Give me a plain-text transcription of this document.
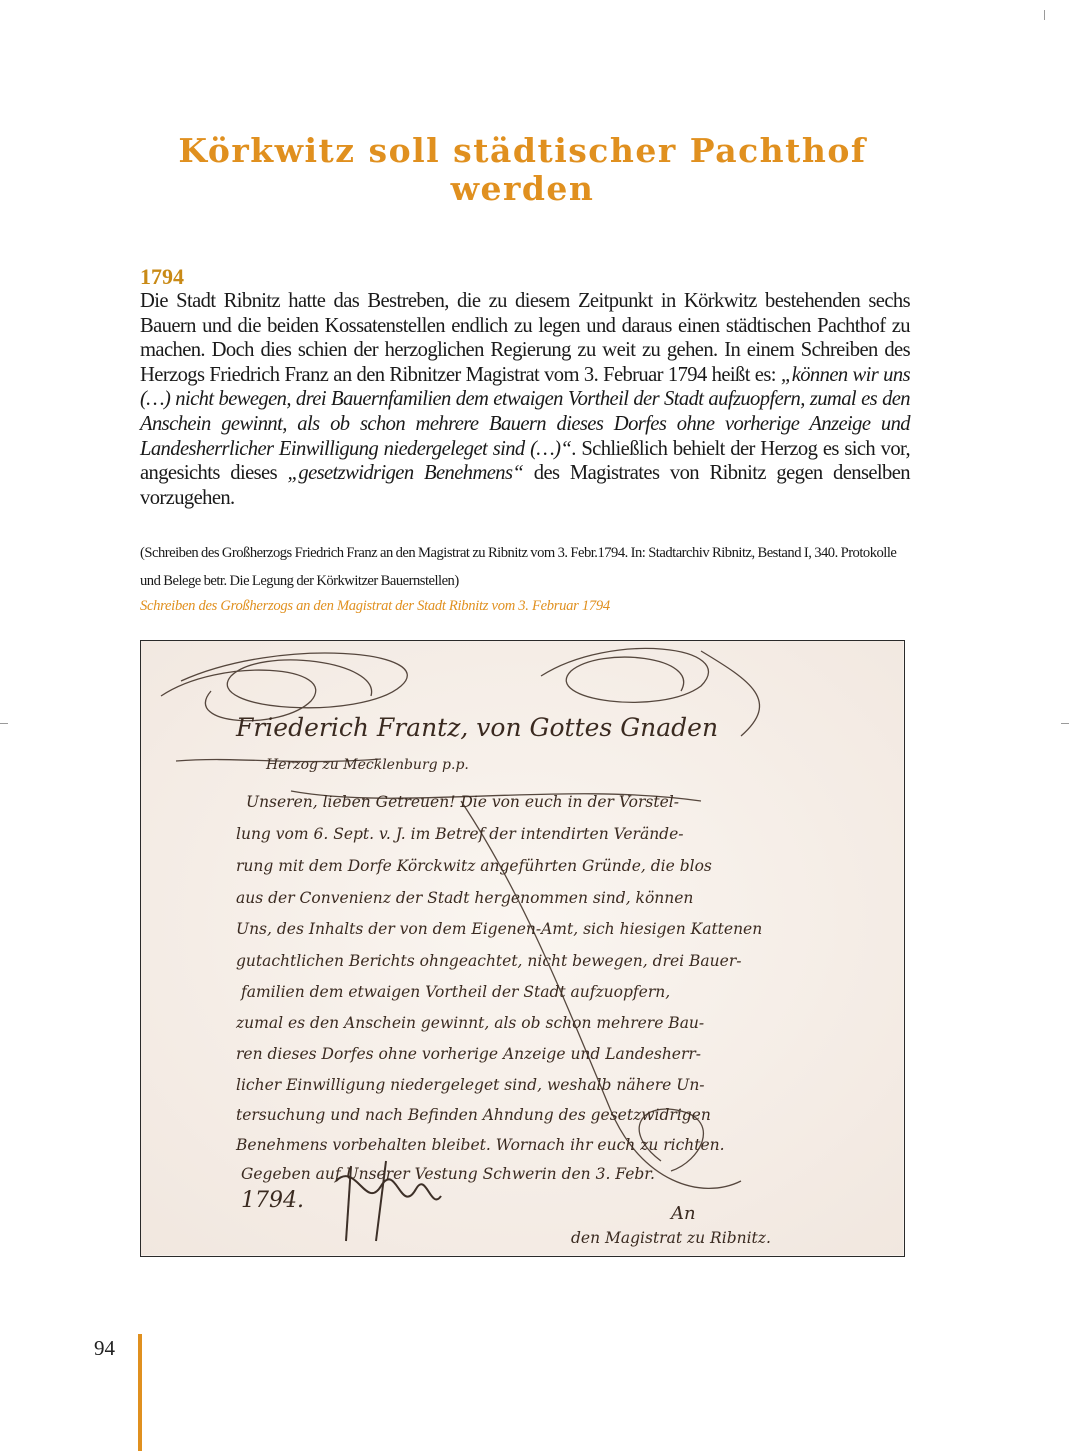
Körkwitz soll städtischer Pachthof werden
1794

Die Stadt Ribnitz hatte das Bestreben, die zu diesem Zeitpunkt in Körkwitz bestehenden sechs Bauern und die beiden Kossatenstellen endlich zu legen und daraus einen städtischen Pachthof zu machen. Doch dies schien der herzoglichen Regierung zu weit zu gehen. In einem Schreiben des Herzogs Friedrich Franz an den Ribnitzer Magistrat vom 3. Februar 1794 heißt es: „können wir uns (…) nicht bewegen, drei Bauernfamilien dem etwaigen Vortheil der Stadt aufzuopfern, zumal es den Anschein gewinnt, als ob schon mehrere Bauern dieses Dorfes ohne vorherige Anzeige und Landesherrlicher Einwilligung niedergeleget sind (…)“. Schließlich behielt der Herzog es sich vor, angesichts dieses „gesetzwidrigen Benehmens“ des Magistrates von Ribnitz gegen denselben vorzugehen.

(Schreiben des Großherzogs Friedrich Franz an den Magistrat zu Ribnitz vom 3. Febr.1794. In: Stadtarchiv Ribnitz, Bestand I, 340. Protokolle und Belege betr. Die Legung der Körkwitzer Bauernstellen)

Schreiben des Großherzogs an den Magistrat der Stadt Ribnitz vom 3. Februar 1794

Friederich Frantz, von Gottes Gnaden
Herzog zu Mecklenburg p.p.
Unseren, lieben Getreuen! Die von euch in der Vorstel-
lung vom 6. Sept. v. J. im Betref der intendirten Verände-
rung mit dem Dorfe Körckwitz angeführten Gründe, die blos
aus der Convenienz der Stadt hergenommen sind, können
Uns, des Inhalts der von dem Eigenen-Amt, sich hiesigen Kattenen
gutachtlichen Berichts ohngeachtet, nicht bewegen, drei Bauer-
familien dem etwaigen Vortheil der Stadt aufzuopfern,
zumal es den Anschein gewinnt, als ob schon mehrere Bau-
ren dieses Dorfes ohne vorherige Anzeige und Landesherr-
licher Einwilligung niedergeleget sind, weshalb nähere Un-
tersuchung und nach Befinden Ahndung des gesetzwidrigen
Benehmens vorbehalten bleibet. Wornach ihr euch zu richten.
Gegeben auf Unserer Vestung Schwerin den 3. Febr.
1794.
An
den Magistrat zu Ribnitz.
94
